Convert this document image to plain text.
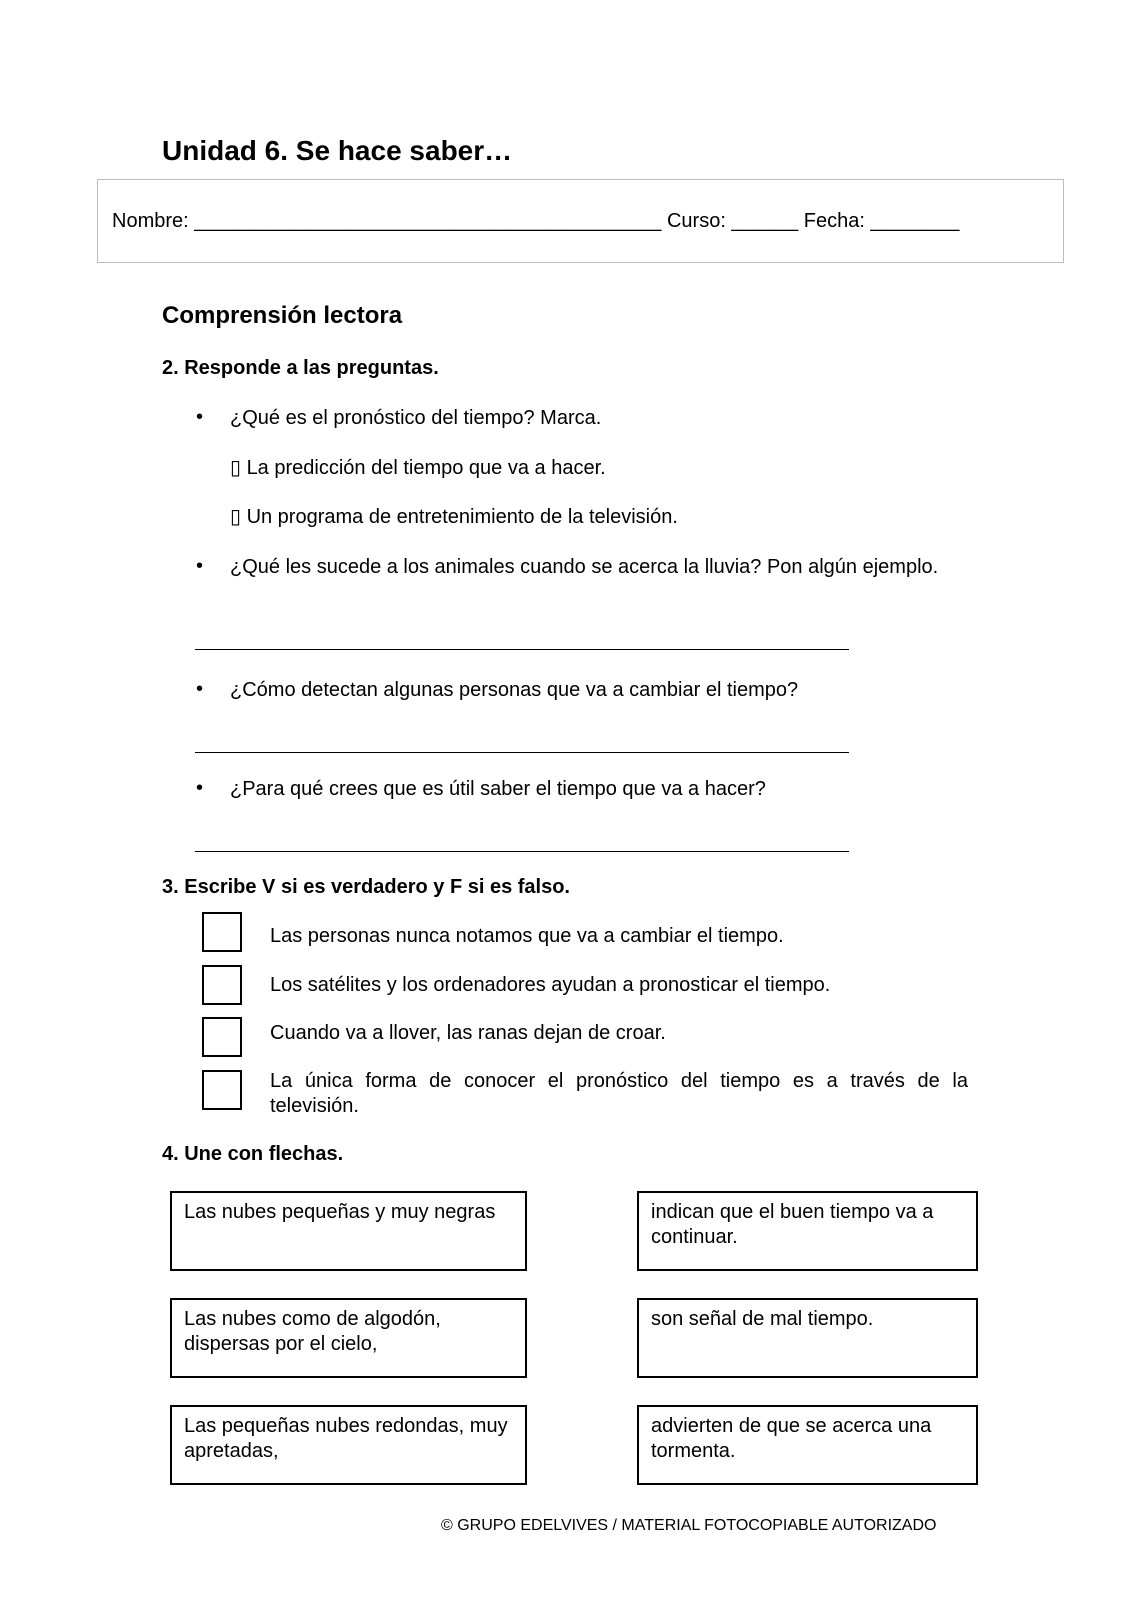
Unidad 6. Se hace saber…
Nombre: __________________________________________ Curso: ______ Fecha: ________
Comprensión lectora
2. Responde a las preguntas.
• ¿Qué es el pronóstico del tiempo? Marca.
▯ La predicción del tiempo que va a hacer.
▯ Un programa de entretenimiento de la televisión.
• ¿Qué les sucede a los animales cuando se acerca la lluvia? Pon algún ejemplo.
• ¿Cómo detectan algunas personas que va a cambiar el tiempo?
• ¿Para qué crees que es útil saber el tiempo que va a hacer?
3. Escribe V si es verdadero y F si es falso.
Las personas nunca notamos que va a cambiar el tiempo.
Los satélites y los ordenadores ayudan a pronosticar el tiempo.
Cuando va a llover, las ranas dejan de croar.
La única forma de conocer el pronóstico del tiempo es a través de la televisión.
4. Une con flechas.
Las nubes pequeñas y muy negras
Las nubes como de algodón, dispersas por el cielo,
Las pequeñas nubes redondas, muy apretadas,
indican que el buen tiempo va a continuar.
son señal de mal tiempo.
advierten de que se acerca una tormenta.
© GRUPO EDELVIVES / MATERIAL FOTOCOPIABLE AUTORIZADO
